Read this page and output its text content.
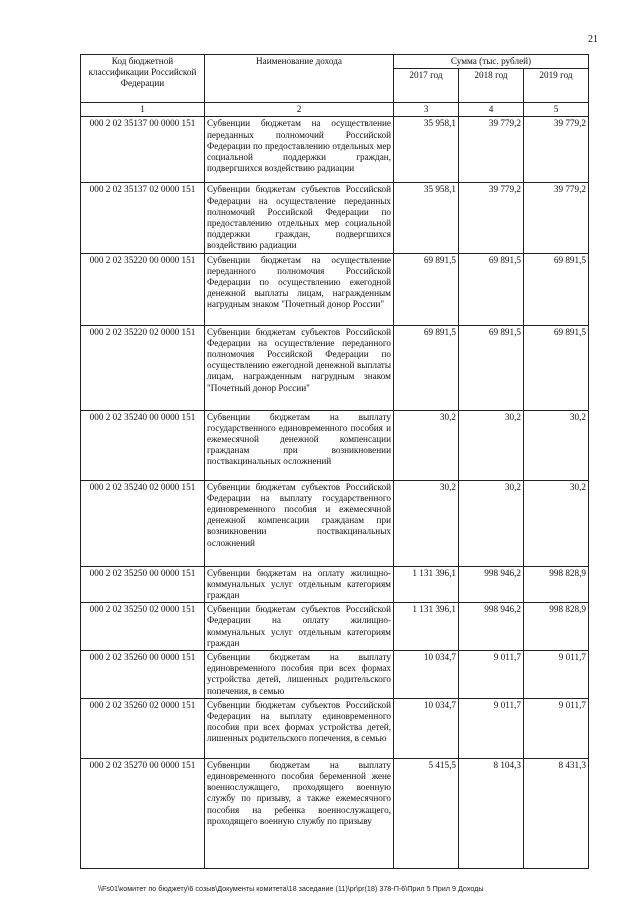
21
Код бюджетной классификации Российской Федерации	Наименование дохода	Сумма (тыс. рублей)		
		2017 год	2018 год	2019 год
1	2	3	4	5
000 2 02 35137 00 0000 151	Субвенции бюджетам на осуществление переданных полномочий Российской Федерации по предоставлению отдельных мер социальной поддержки граждан, подвергшихся воздействию радиации	35 958,1	39 779,2	39 779,2
000 2 02 35137 02 0000 151	Субвенции бюджетам субъектов Российской Федерации на осуществление переданных полномочий Российской Федерации по предоставлению отдельных мер социальной поддержки граждан, подвергшихся воздействию радиации	35 958,1	39 779,2	39 779,2
000 2 02 35220 00 0000 151	Субвенции бюджетам на осуществление переданного полномочия Российской Федерации по осуществлению ежегодной денежной выплаты лицам, награжденным нагрудным знаком "Почетный донор России"	69 891,5	69 891,5	69 891,5
000 2 02 35220 02 0000 151	Субвенции бюджетам субъектов Российской Федерации на осуществление переданного полномочия Российской Федерации по осуществлению ежегодной денежной выплаты лицам, награжденным нагрудным знаком "Почетный донор России"	69 891,5	69 891,5	69 891,5
000 2 02 35240 00 0000 151	Субвенции бюджетам на выплату государственного единовременного пособия и ежемесячной денежной компенсации гражданам при возникновении поствакцинальных осложнений	30,2	30,2	30,2
000 2 02 35240 02 0000 151	Субвенции бюджетам субъектов Российской Федерации на выплату государственного единовременного пособия и ежемесячной денежной компенсации гражданам при возникновении поствакцинальных осложнений	30,2	30,2	30,2
000 2 02 35250 00 0000 151	Субвенции бюджетам на оплату жилищно-коммунальных услуг отдельным категориям граждан	1 131 396,1	998 946,2	998 828,9
000 2 02 35250 02 0000 151	Субвенции бюджетам субъектов Российской Федерации на оплату жилищно-коммунальных услуг отдельным категориям граждан	1 131 396,1	998 946,2	998 828,9
000 2 02 35260 00 0000 151	Субвенции бюджетам на выплату единовременного пособия при всех формах устройства детей, лишенных родительского попечения, в семью	10 034,7	9 011,7	9 011,7
000 2 02 35260 02 0000 151	Субвенции бюджетам субъектов Российской Федерации на выплату единовременного пособия при всех формах устройства детей, лишенных родительского попечения, в семью	10 034,7	9 011,7	9 011,7
000 2 02 35270 00 0000 151	Субвенции бюджетам на выплату единовременного пособия беременной жене военнослужащего, проходящего военную службу по призыву, а также ежемесячного пособия на ребенка военнослужащего, проходящего военную службу по призыву	5 415,5	8 104,3	8 431,3
\\Fs01\комитет по бюджету\6 созыв\Документы комитета\18 заседание (11)\pr\pr(18) 378-П-6\Прил 5 Прил 9 Доходы
